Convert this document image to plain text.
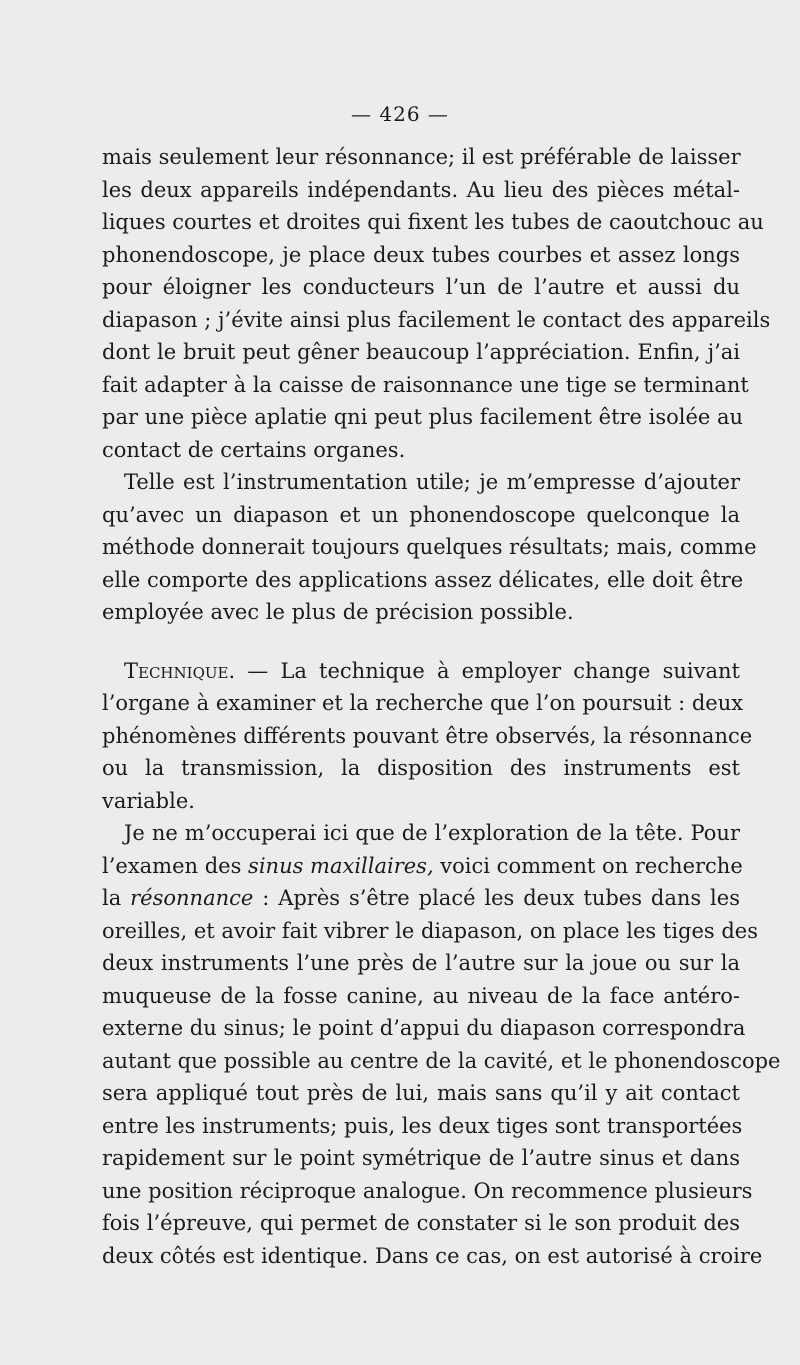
— 426 —

mais seulement leur résonnance; il est préférable de laisser
les deux appareils indépendants. Au lieu des pièces métal-
liques courtes et droites qui fixent les tubes de caoutchouc au
phonendoscope, je place deux tubes courbes et assez longs
pour éloigner les conducteurs l’un de l’autre et aussi du
diapason ; j’évite ainsi plus facilement le contact des appareils
dont le bruit peut gêner beaucoup l’appréciation. Enfin, j’ai
fait adapter à la caisse de raisonnance une tige se terminant
par une pièce aplatie qni peut plus facilement être isolée au
contact de certains organes.
Telle est l’instrumentation utile; je m’empresse d’ajouter
qu’avec un diapason et un phonendoscope quelconque la
méthode donnerait toujours quelques résultats; mais, comme
elle comporte des applications assez délicates, elle doit être
employée avec le plus de précision possible.
Technique. — La technique à employer change suivant
l’organe à examiner et la recherche que l’on poursuit : deux
phénomènes différents pouvant être observés, la résonnance
ou la transmission, la disposition des instruments est
variable.
Je ne m’occuperai ici que de l’exploration de la tête. Pour
l’examen des sinus maxillaires, voici comment on recherche
la résonnance : Après s’être placé les deux tubes dans les
oreilles, et avoir fait vibrer le diapason, on place les tiges des
deux instruments l’une près de l’autre sur la joue ou sur la
muqueuse de la fosse canine, au niveau de la face antéro-
externe du sinus; le point d’appui du diapason correspondra
autant que possible au centre de la cavité, et le phonendoscope
sera appliqué tout près de lui, mais sans qu’il y ait contact
entre les instruments; puis, les deux tiges sont transportées
rapidement sur le point symétrique de l’autre sinus et dans
une position réciproque analogue. On recommence plusieurs
fois l’épreuve, qui permet de constater si le son produit des
deux côtés est identique. Dans ce cas, on est autorisé à croire
